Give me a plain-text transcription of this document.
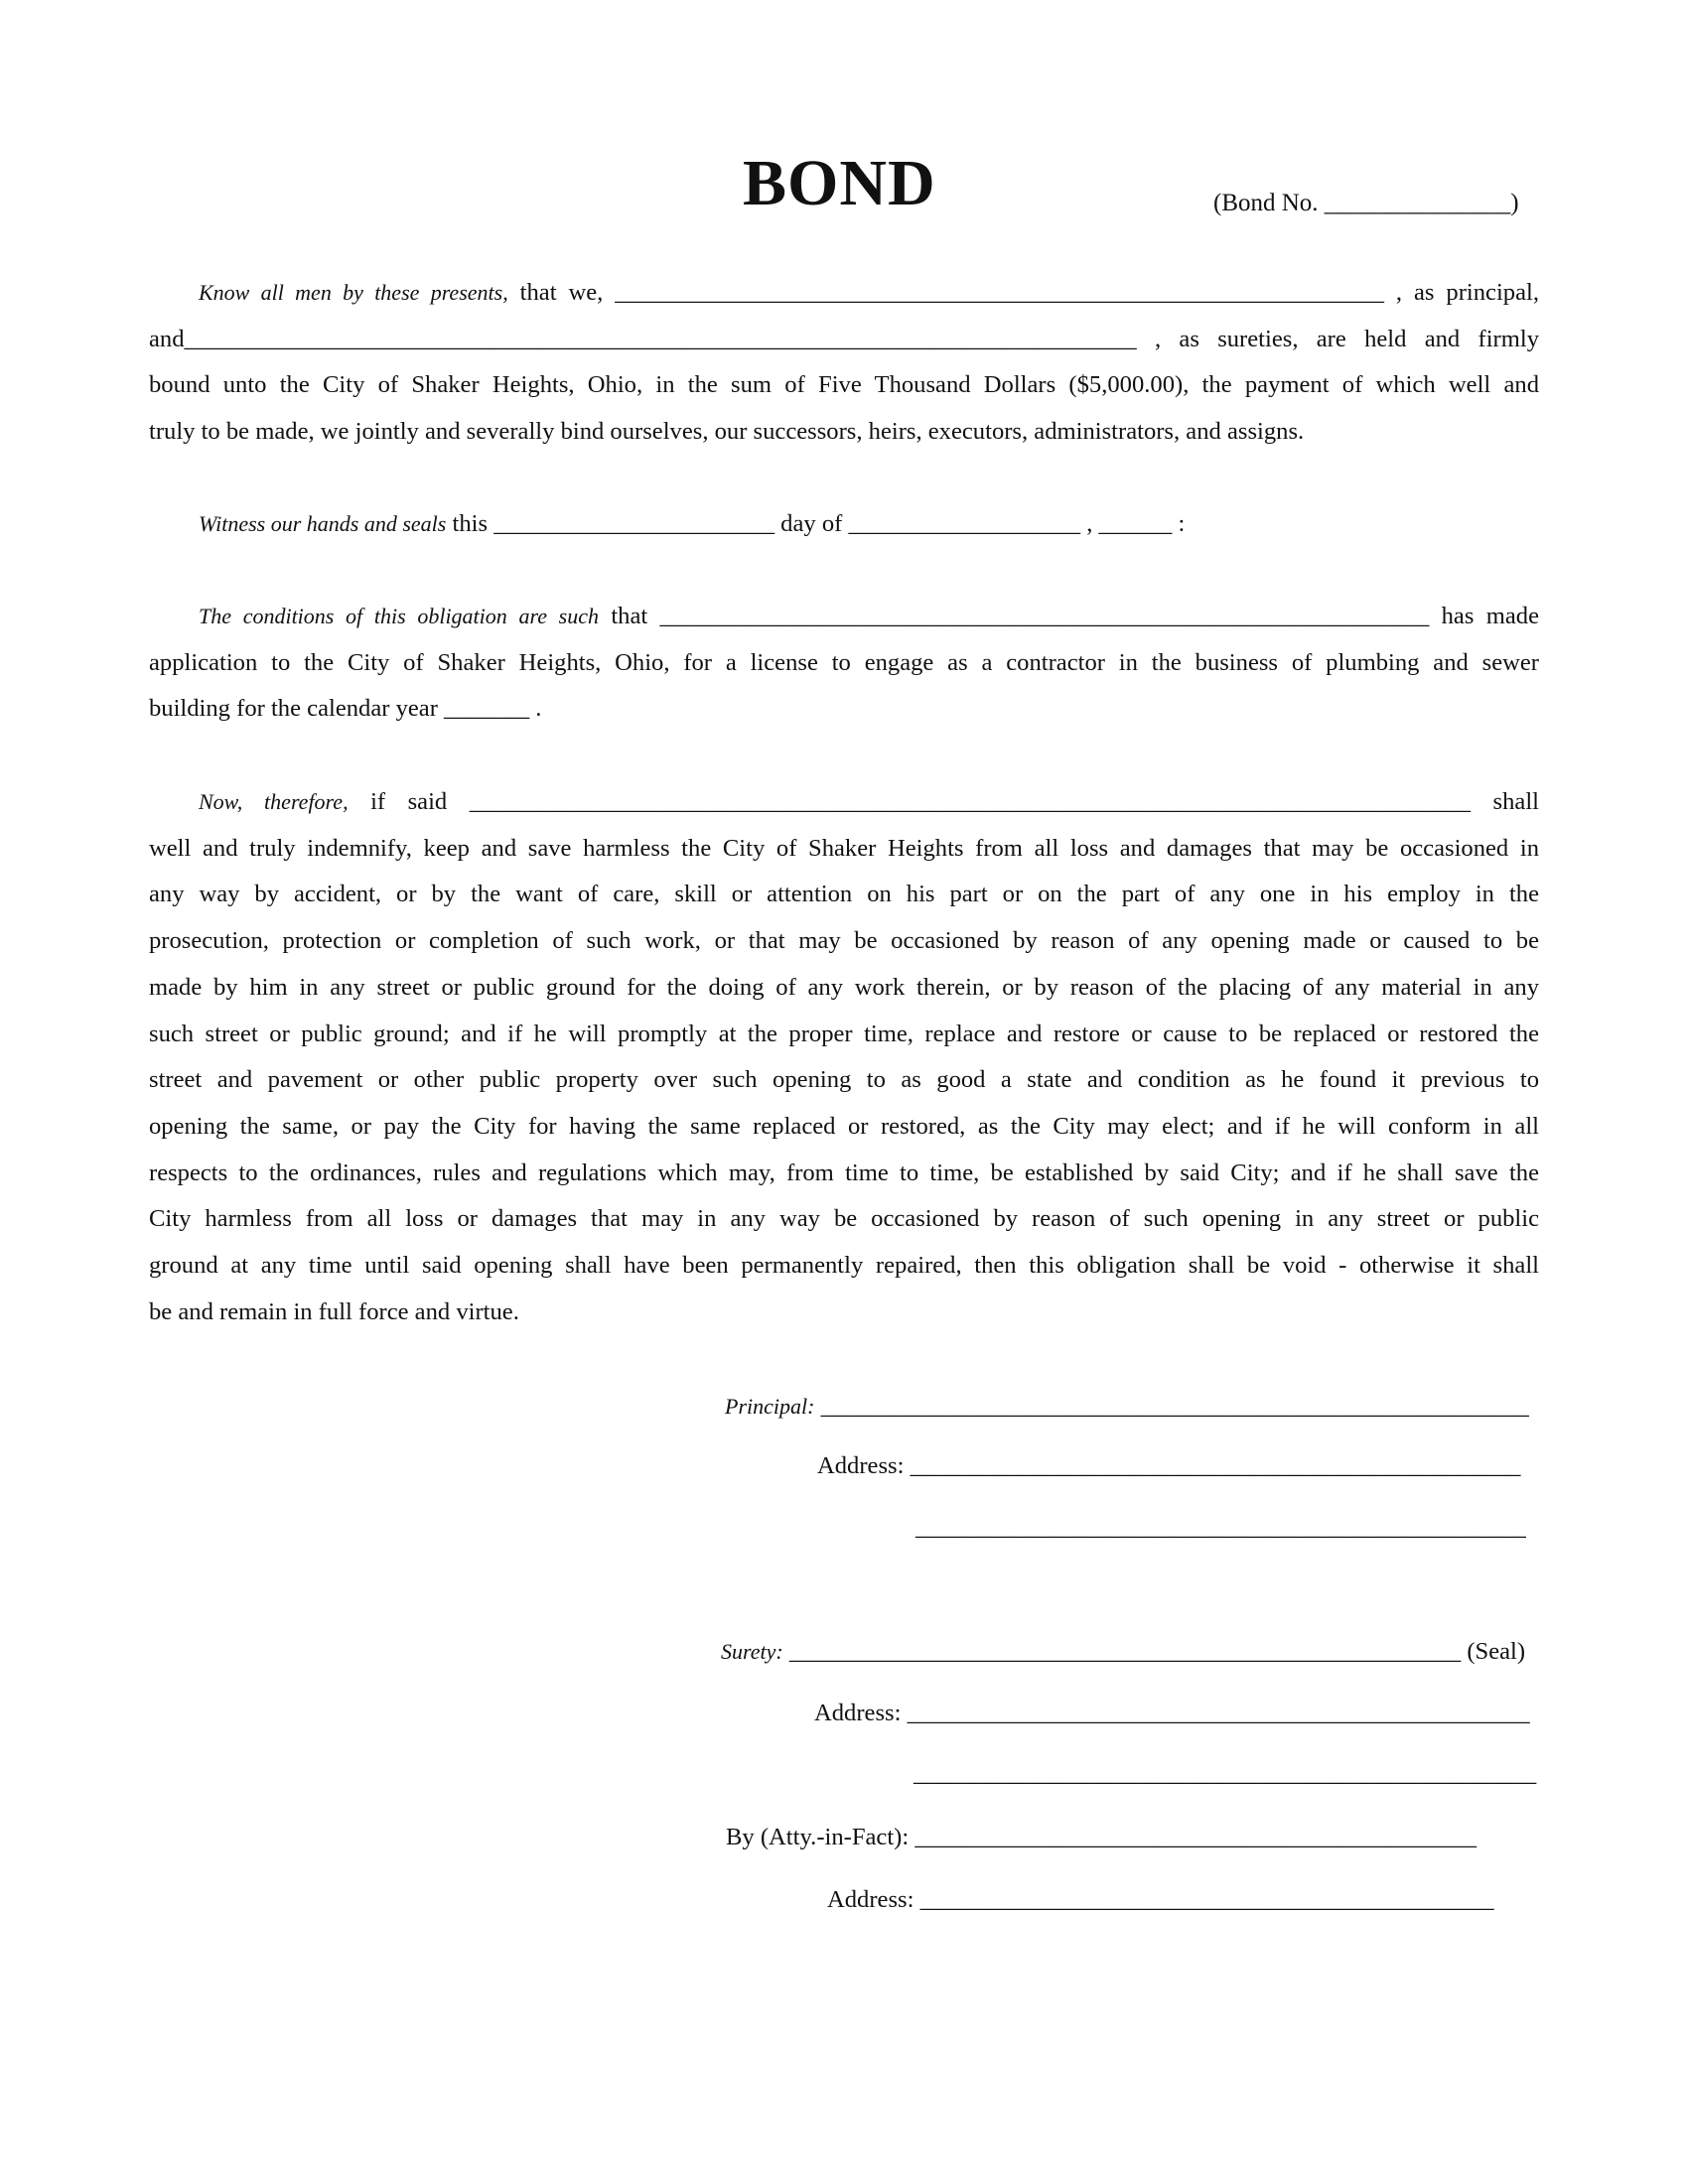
BOND	(Bond No. _______________)
Know all men by these presents, that we, _______________________________________________________________ , as principal,
and______________________________________________________________________________ , as sureties, are held and firmly
bound unto the City of Shaker Heights, Ohio, in the sum of Five Thousand Dollars ($5,000.00), the payment of which well and
truly to be made, we jointly and severally bind ourselves, our successors, heirs, executors, administrators, and assigns.
Witness our hands and seals this _______________________ day of ___________________ , ______ :
The conditions of this obligation are such that _______________________________________________________________ has made
application to the City of Shaker Heights, Ohio, for a license to engage as a contractor in the business of plumbing and sewer
building for the calendar year _______ .
Now, therefore, if said __________________________________________________________________________________ shall
well and truly indemnify, keep and save harmless the City of Shaker Heights from all loss and damages that may be occasioned in
any way by accident, or by the want of care, skill or attention on his part or on the part of any one in his employ in the
prosecution, protection or completion of such work, or that may be occasioned by reason of any opening made or caused to be
made by him in any street or public ground for the doing of any work therein, or by reason of the placing of any material in any
such street or public ground; and if he will promptly at the proper time, replace and restore or cause to be replaced or restored the
street and pavement or other public property over such opening to as good a state and condition as he found it previous to
opening the same, or pay the City for having the same replaced or restored, as the City may elect; and if he will conform in all
respects to the ordinances, rules and regulations which may, from time to time, be established by said City; and if he shall save the
City harmless from all loss or damages that may in any way be occasioned by reason of such opening in any street or public
ground at any time until said opening shall have been permanently repaired, then this obligation shall be void - otherwise it shall
be and remain in full force and virtue.
Principal: __________________________________________________________
Address: __________________________________________________
__________________________________________________
Surety: _______________________________________________________ (Seal)
Address: ___________________________________________________
___________________________________________________
By (Atty.-in-Fact): ______________________________________________
Address: _______________________________________________
